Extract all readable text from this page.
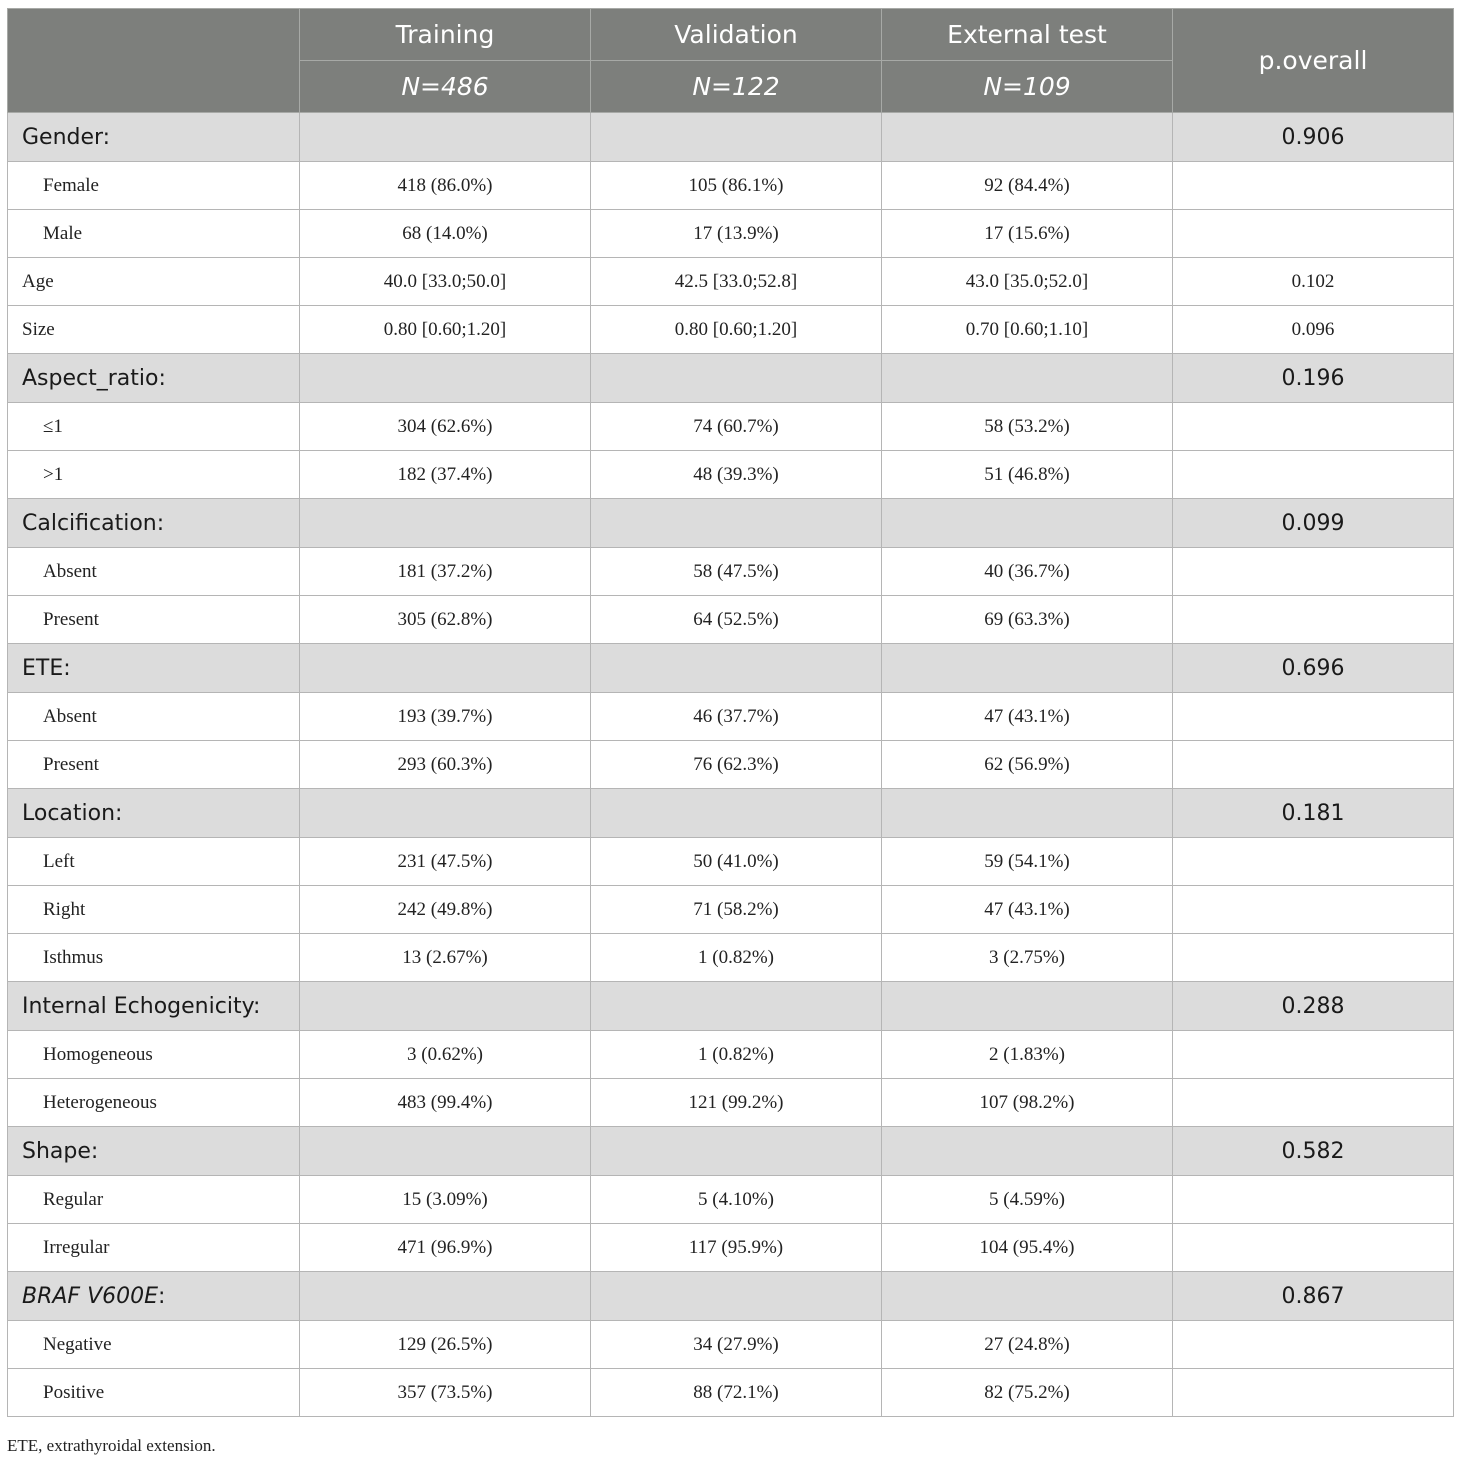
	Training	Validation	External test	p.overall
	N=486	N=122	N=109	
Gender:				0.906
Female	418 (86.0%)	105 (86.1%)	92 (84.4%)	
Male	68 (14.0%)	17 (13.9%)	17 (15.6%)	
Age	40.0 [33.0;50.0]	42.5 [33.0;52.8]	43.0 [35.0;52.0]	0.102
Size	0.80 [0.60;1.20]	0.80 [0.60;1.20]	0.70 [0.60;1.10]	0.096
Aspect_ratio:				0.196
≤1	304 (62.6%)	74 (60.7%)	58 (53.2%)	
>1	182 (37.4%)	48 (39.3%)	51 (46.8%)	
Calcification:				0.099
Absent	181 (37.2%)	58 (47.5%)	40 (36.7%)	
Present	305 (62.8%)	64 (52.5%)	69 (63.3%)	
ETE:				0.696
Absent	193 (39.7%)	46 (37.7%)	47 (43.1%)	
Present	293 (60.3%)	76 (62.3%)	62 (56.9%)	
Location:				0.181
Left	231 (47.5%)	50 (41.0%)	59 (54.1%)	
Right	242 (49.8%)	71 (58.2%)	47 (43.1%)	
Isthmus	13 (2.67%)	1 (0.82%)	3 (2.75%)	
Internal Echogenicity:				0.288
Homogeneous	3 (0.62%)	1 (0.82%)	2 (1.83%)	
Heterogeneous	483 (99.4%)	121 (99.2%)	107 (98.2%)	
Shape:				0.582
Regular	15 (3.09%)	5 (4.10%)	5 (4.59%)	
Irregular	471 (96.9%)	117 (95.9%)	104 (95.4%)	
BRAF V600E:				0.867
Negative	129 (26.5%)	34 (27.9%)	27 (24.8%)	
Positive	357 (73.5%)	88 (72.1%)	82 (75.2%)	
ETE, extrathyroidal extension.
